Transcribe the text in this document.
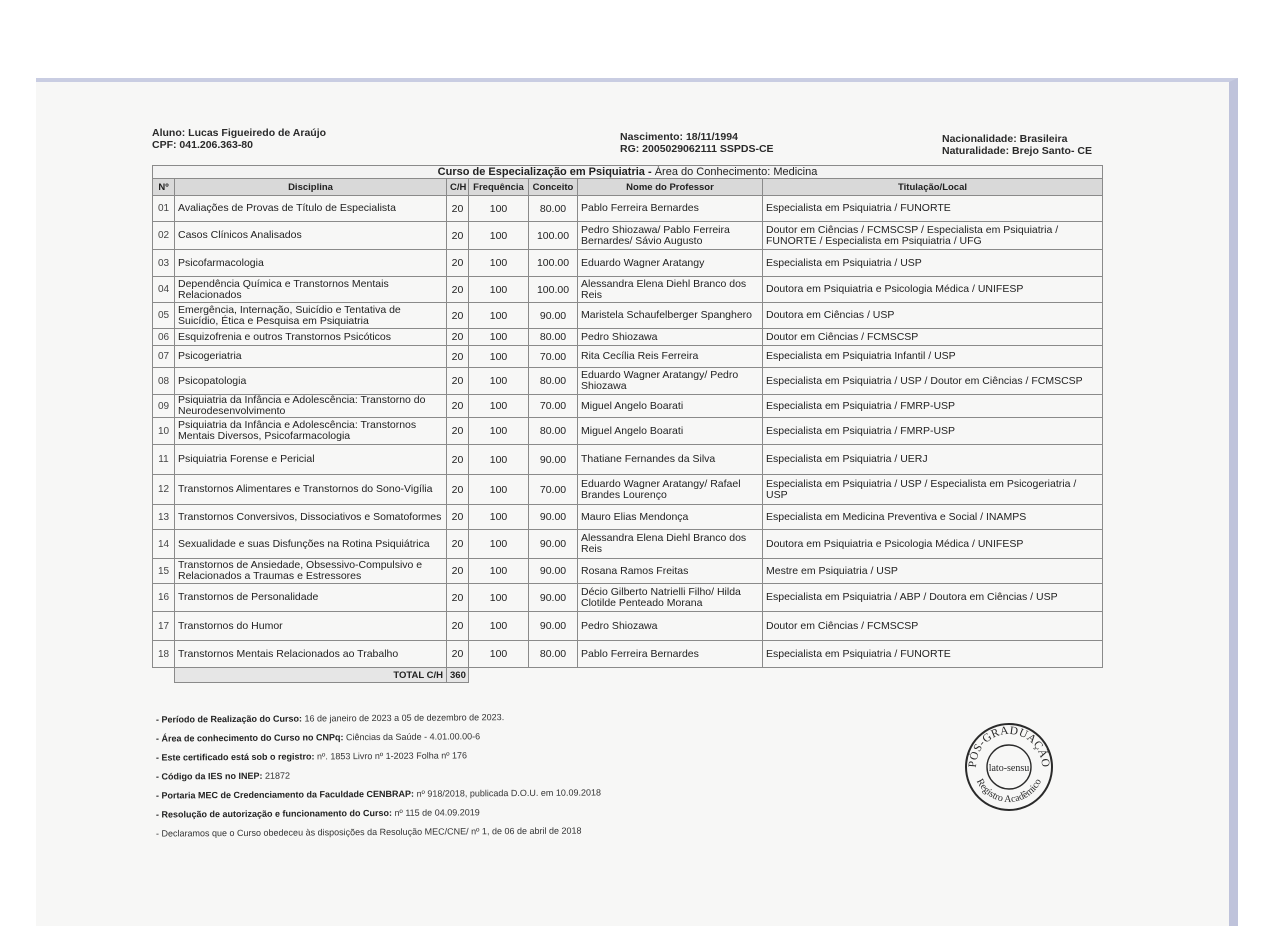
Aluno: Lucas Figueiredo de Araújo
CPF: 041.206.363-80
Nascimento: 18/11/1994
RG: 2005029062111 SSPDS-CE
Nacionalidade: Brasileira
Naturalidade: Brejo Santo- CE
Curso de Especialização em Psiquiatria - Área do Conhecimento: Medicina						
Nº	Disciplina	C/H	Frequência	Conceito	Nome do Professor	Titulação/Local
01	Avaliações de Provas de Título de Especialista	20	100	80.00	Pablo Ferreira Bernardes	Especialista em Psiquiatria / FUNORTE
02	Casos Clínicos Analisados	20	100	100.00	Pedro Shiozawa/ Pablo Ferreira Bernardes/ Sávio Augusto	Doutor em Ciências / FCMSCSP / Especialista em Psiquiatria / FUNORTE / Especialista em Psiquiatria / UFG
03	Psicofarmacologia	20	100	100.00	Eduardo Wagner Aratangy	Especialista em Psiquiatria / USP
04	Dependência Química e Transtornos Mentais Relacionados	20	100	100.00	Alessandra Elena Diehl Branco dos Reis	Doutora em Psiquiatria e Psicologia Médica / UNIFESP
05	Emergência, Internação, Suicídio e Tentativa de Suicídio, Ética e Pesquisa em Psiquiatria	20	100	90.00	Maristela Schaufelberger Spanghero	Doutora em Ciências / USP
06	Esquizofrenia e outros Transtornos Psicóticos	20	100	80.00	Pedro Shiozawa	Doutor em Ciências / FCMSCSP
07	Psicogeriatria	20	100	70.00	Rita Cecília Reis Ferreira	Especialista em Psiquiatria Infantil / USP
08	Psicopatologia	20	100	80.00	Eduardo Wagner Aratangy/ Pedro Shiozawa	Especialista em Psiquiatria / USP / Doutor em Ciências / FCMSCSP
09	Psiquiatria da Infância e Adolescência: Transtorno do Neurodesenvolvimento	20	100	70.00	Miguel Angelo Boarati	Especialista em Psiquiatria / FMRP-USP
10	Psiquiatria da Infância e Adolescência: Transtornos Mentais Diversos, Psicofarmacologia	20	100	80.00	Miguel Angelo Boarati	Especialista em Psiquiatria / FMRP-USP
11	Psiquiatria Forense e Pericial	20	100	90.00	Thatiane Fernandes da Silva	Especialista em Psiquiatria / UERJ
12	Transtornos Alimentares e Transtornos do Sono-Vigília	20	100	70.00	Eduardo Wagner Aratangy/ Rafael Brandes Lourenço	Especialista em Psiquiatria / USP / Especialista em Psicogeriatria / USP
13	Transtornos Conversivos, Dissociativos e Somatoformes	20	100	90.00	Mauro Elias Mendonça	Especialista em Medicina Preventiva e Social / INAMPS
14	Sexualidade e suas Disfunções na Rotina Psiquiátrica	20	100	90.00	Alessandra Elena Diehl Branco dos Reis	Doutora em Psiquiatria e Psicologia Médica / UNIFESP
15	Transtornos de Ansiedade, Obsessivo-Compulsivo e Relacionados a Traumas e Estressores	20	100	90.00	Rosana Ramos Freitas	Mestre em Psiquiatria / USP
16	Transtornos de Personalidade	20	100	90.00	Décio Gilberto Natrielli Filho/ Hilda Clotilde Penteado Morana	Especialista em Psiquiatria / ABP / Doutora em Ciências / USP
17	Transtornos do Humor	20	100	90.00	Pedro Shiozawa	Doutor em Ciências / FCMSCSP
18	Transtornos Mentais Relacionados ao Trabalho	20	100	80.00	Pablo Ferreira Bernardes	Especialista em Psiquiatria / FUNORTE
	TOTAL C/H	360				
- Período de Realização do Curso: 16 de janeiro de 2023 a 05 de dezembro de 2023.
- Área de conhecimento do Curso no CNPq: Ciências da Saúde - 4.01.00.00-6
- Este certificado está sob o registro: nº. 1853 Livro nº 1-2023 Folha nº 176
- Código da IES no INEP: 21872
- Portaria MEC de Credenciamento da Faculdade CENBRAP: nº 918/2018, publicada D.O.U. em 10.09.2018
- Resolução de autorização e funcionamento do Curso: nº 115 de 04.09.2019
- Declaramos que o Curso obedeceu às disposições da Resolução MEC/CNE/ nº 1, de 06 de abril de 2018
PÓS-GRADUAÇÃO
lato-sensu
Registro Acadêmico
